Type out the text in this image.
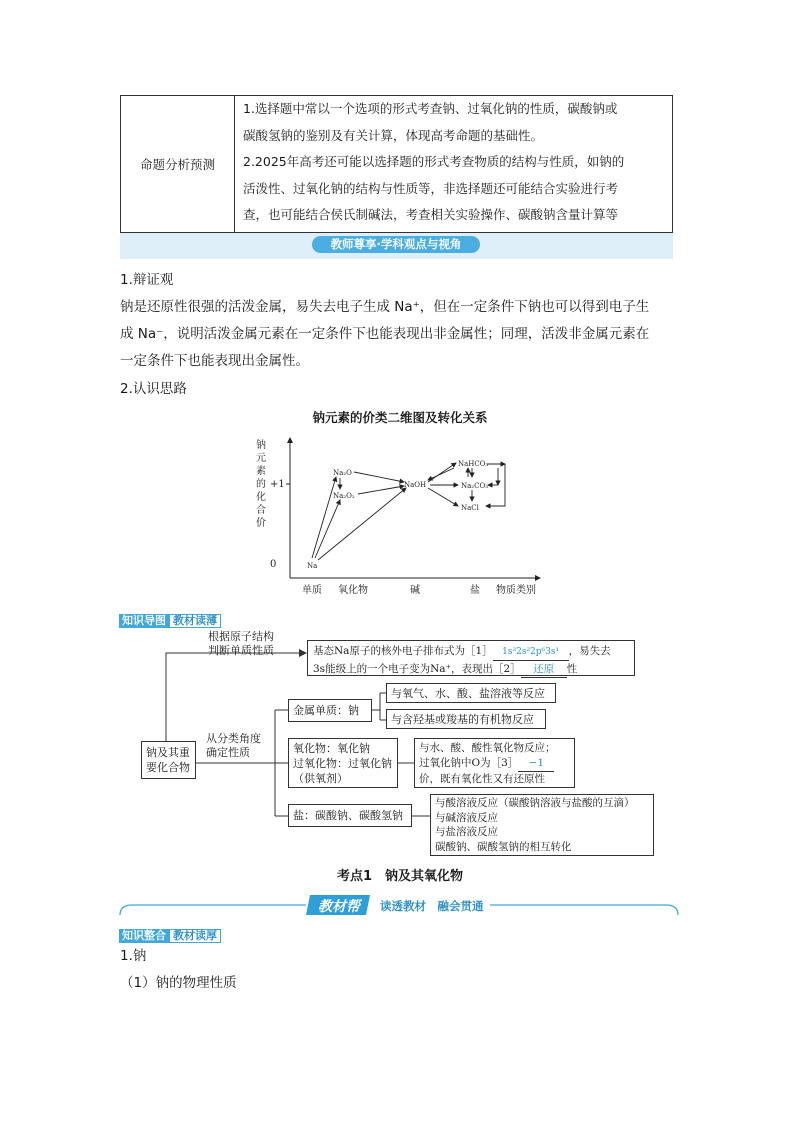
命题分析预测
1.选择题中常以一个选项的形式考查钠、过氧化钠的性质，碳酸钠或
碳酸氢钠的鉴别及有关计算，体现高考命题的基础性。
2.2025年高考还可能以选择题的形式考查物质的结构与性质，如钠的
活泼性、过氧化钠的结构与性质等，非选择题还可能结合实验进行考
查，也可能结合侯氏制碱法，考查相关实验操作、碳酸钠含量计算等
教师尊享·学科观点与视角
1.辩证观
钠是还原性很强的活泼金属，易失去电子生成 Na⁺，但在一定条件下钠也可以得到电子生
成 Na⁻，说明活泼金属元素在一定条件下也能表现出非金属性；同理，活泼非金属元素在
一定条件下也能表现出金属性。
2.认识思路
钠元素的价类二维图及转化关系
钠
元
素
的
化
合
价
+1
0
单质 氧化物	碱	盐 物质类别
Na
Na₂O
Na₂O₂
NaOH
NaHCO₃
Na₂CO₃
NaCl
知识导图 教材读薄
钠及其重
要化合物
根据原子结构
判断单质性质	基态Na原子的核外电子排布式为［1］ 1s²2s²2p⁶3s¹ ，易失去
3s能级上的一个电子变为Na⁺，表现出［2］ 还原 性
从分类角度
确定性质
金属单质：钠
与氧气、水、酸、盐溶液等反应
与含羟基或羧基的有机物反应
氧化物：氧化钠
过氧化物：过氧化钠
（供氧剂）
与水、酸、酸性氧化物反应；
过氧化钠中O为［3］ −1
价，既有氧化性又有还原性
盐：碳酸钠、碳酸氢钠
与酸溶液反应（碳酸钠溶液与盐酸的互滴）
与碱溶液反应
与盐溶液反应
碳酸钠、碳酸氢钠的相互转化
考点1　钠及其氧化物
教材帮	读透教材　融会贯通
知识整合 教材读厚
1.钠
（1）钠的物理性质
